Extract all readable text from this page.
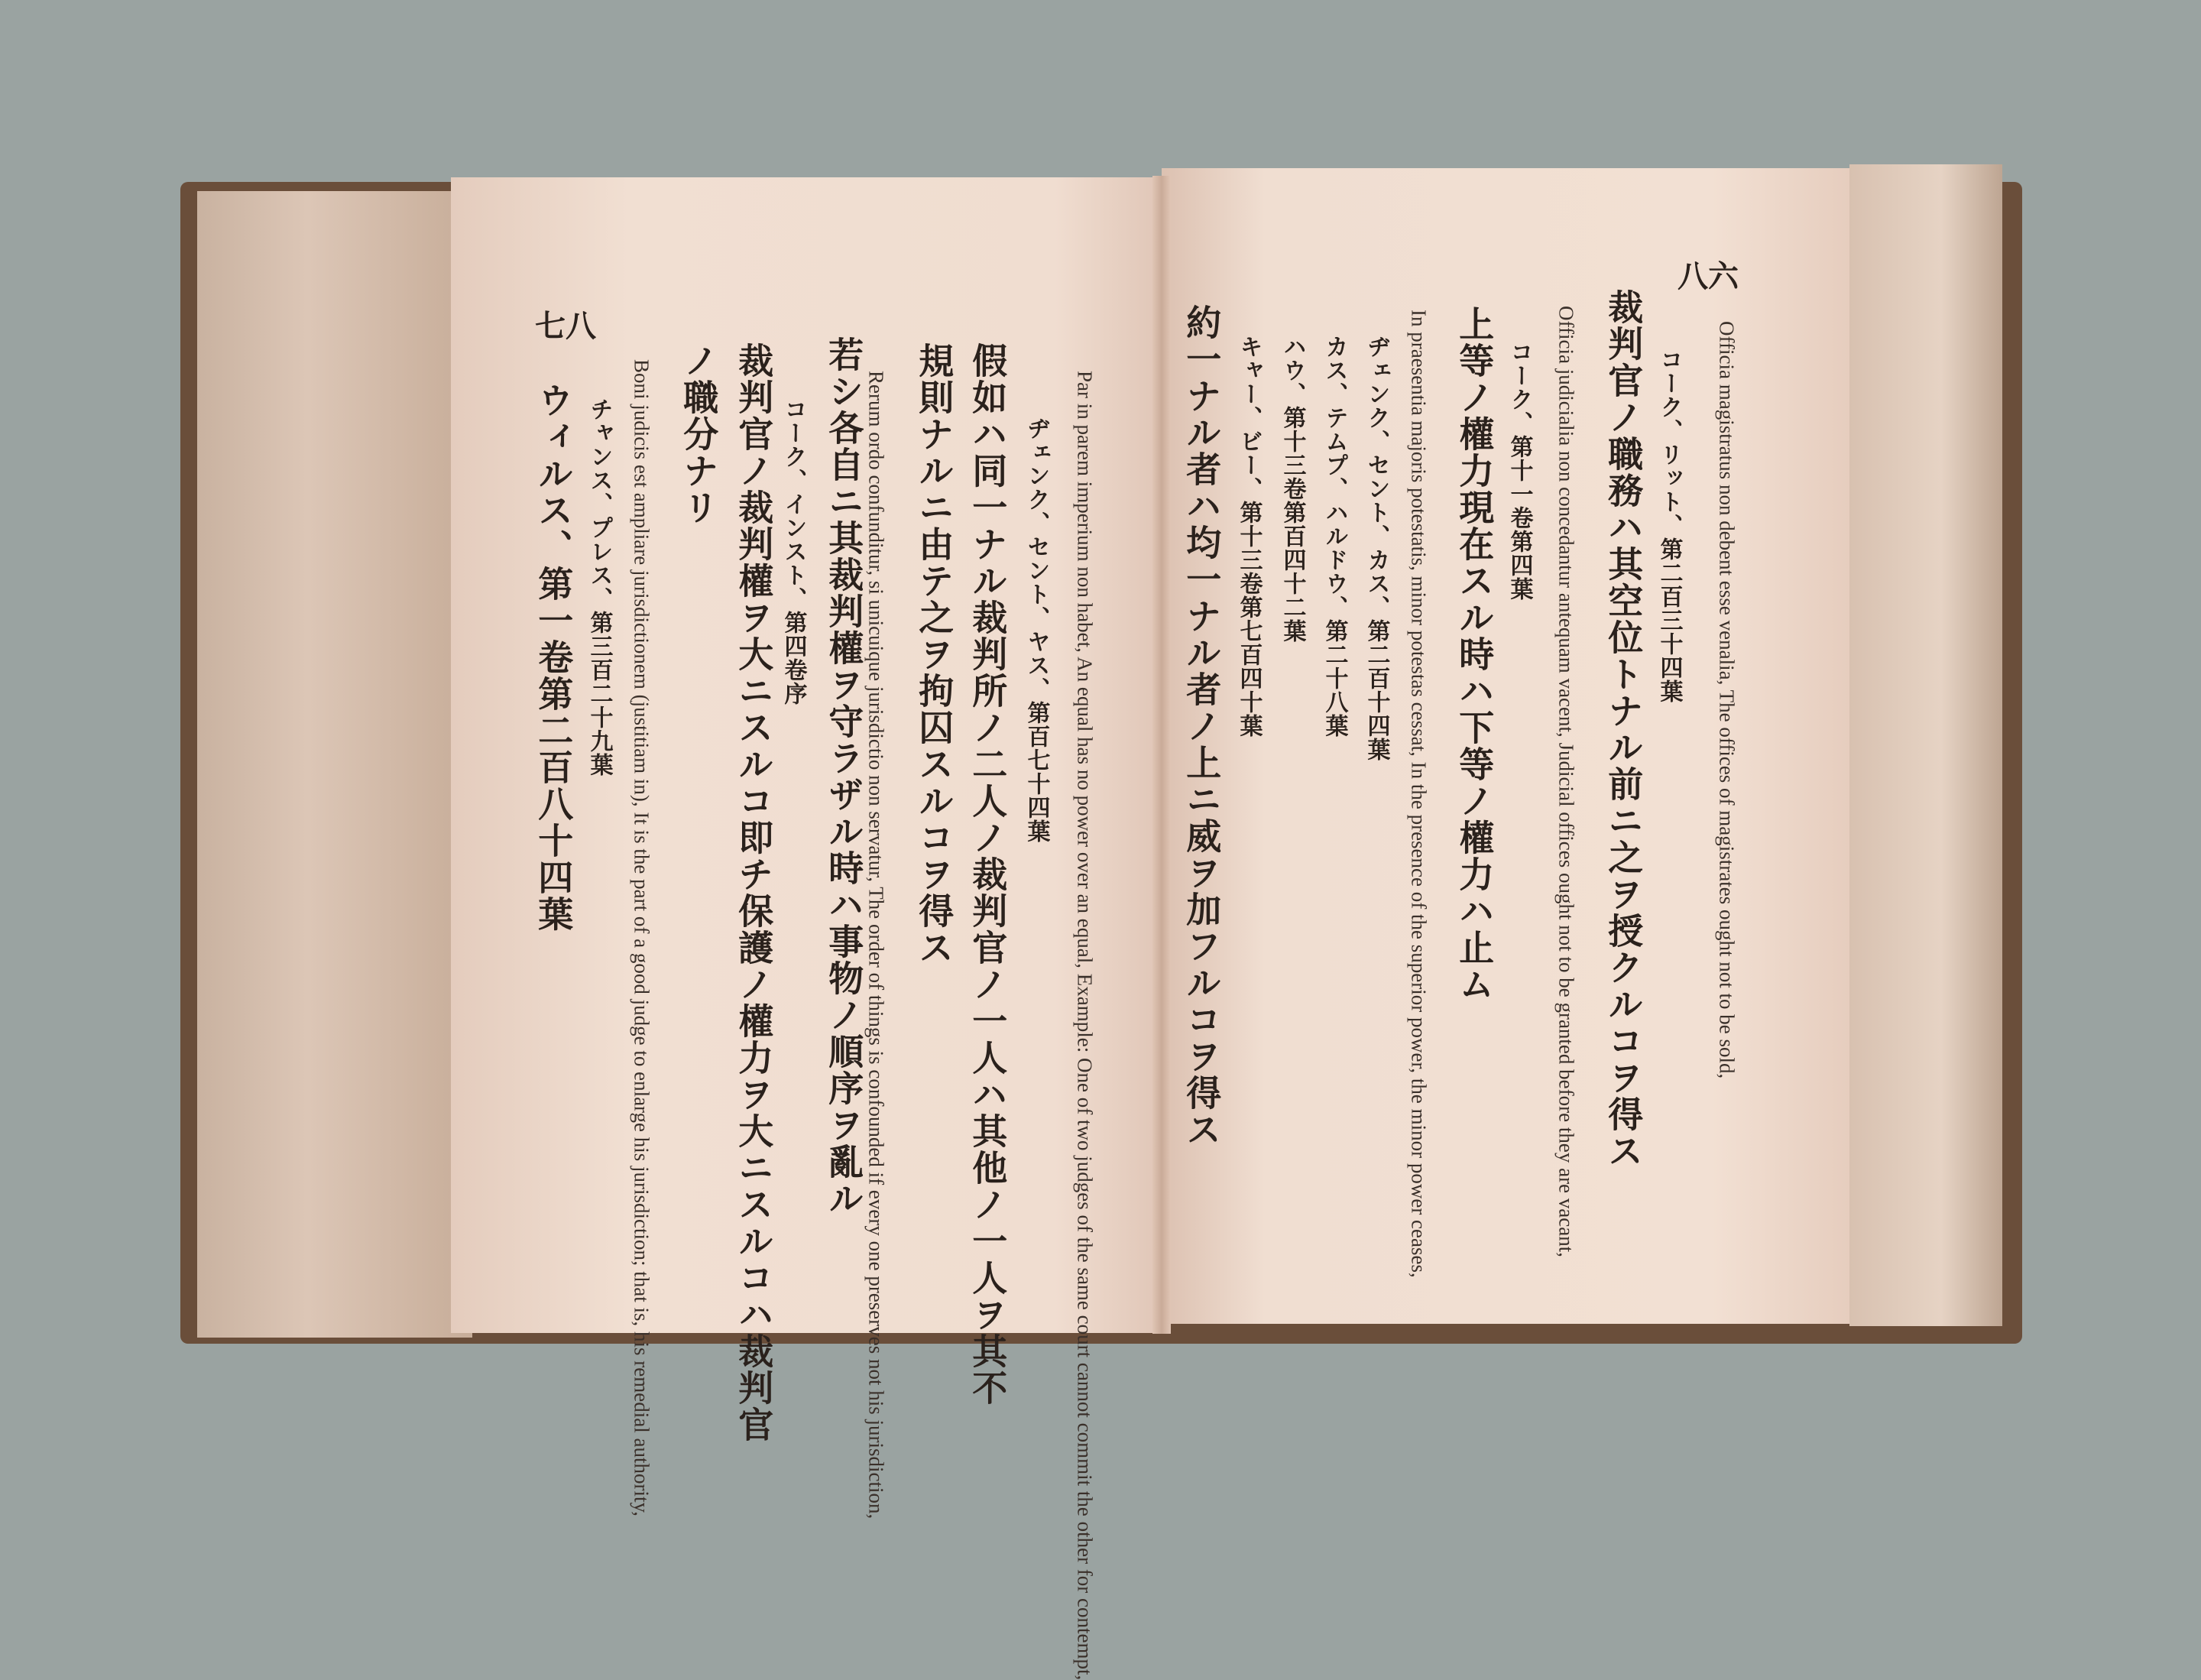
七八
Par in parem imperium non habet, An equal has no power over an equal, Example: One of two judges of the same court cannot commit the other for contempt,
ヂェンク、セント、ヤス、第百七十四葉
假如ハ同一ナル裁判所ノ二人ノ裁判官ノ一人ハ其他ノ一人ヲ其不
規則ナルニ由テ之ヲ拘囚スルコヲ得ス
Rerum ordo confunditur, si unicuique jurisdictio non servatur, The order of things is confounded if every one preserves not his jurisdiction,
若シ各自ニ其裁判權ヲ守ラザル時ハ事物ノ順序ヲ亂ル
コーク、インスト、第四卷序
裁判官ノ裁判權ヲ大ニスルコ即チ保護ノ權力ヲ大ニスルコハ裁判官
ノ職分ナリ
Boni judicis est ampliare jurisdictionem (justitiam in), It is the part of a good judge to enlarge his jurisdiction; that is, his remedial authority,
チャンス、プレス、第三百二十九葉
ウィルス、第一卷第二百八十四葉
八六
Officia magistratus non debent esse venalia, The offices of magistrates ought not to be sold,
コーク、リット、第二百三十四葉
裁判官ノ職務ハ其空位トナル前ニ之ヲ授クルコヲ得ス
Officia judicialia non concedantur antequam vacent, Judicial offices ought not to be granted before they are vacant,
コーク、第十一卷第四葉
上等ノ權力現在スル時ハ下等ノ權力ハ止ム
In praesentia majoris potestatis, minor potestas cessat, In the presence of the superior power, the minor power ceases,
ヂェンク、セント、カス、第二百十四葉
カス、テムプ、ハルドウ、第二十八葉
ハウ、第十三卷第百四十二葉
キャー、ビー、第十三卷第七百四十葉
約一ナル者ハ均一ナル者ノ上ニ威ヲ加フルコヲ得ス
